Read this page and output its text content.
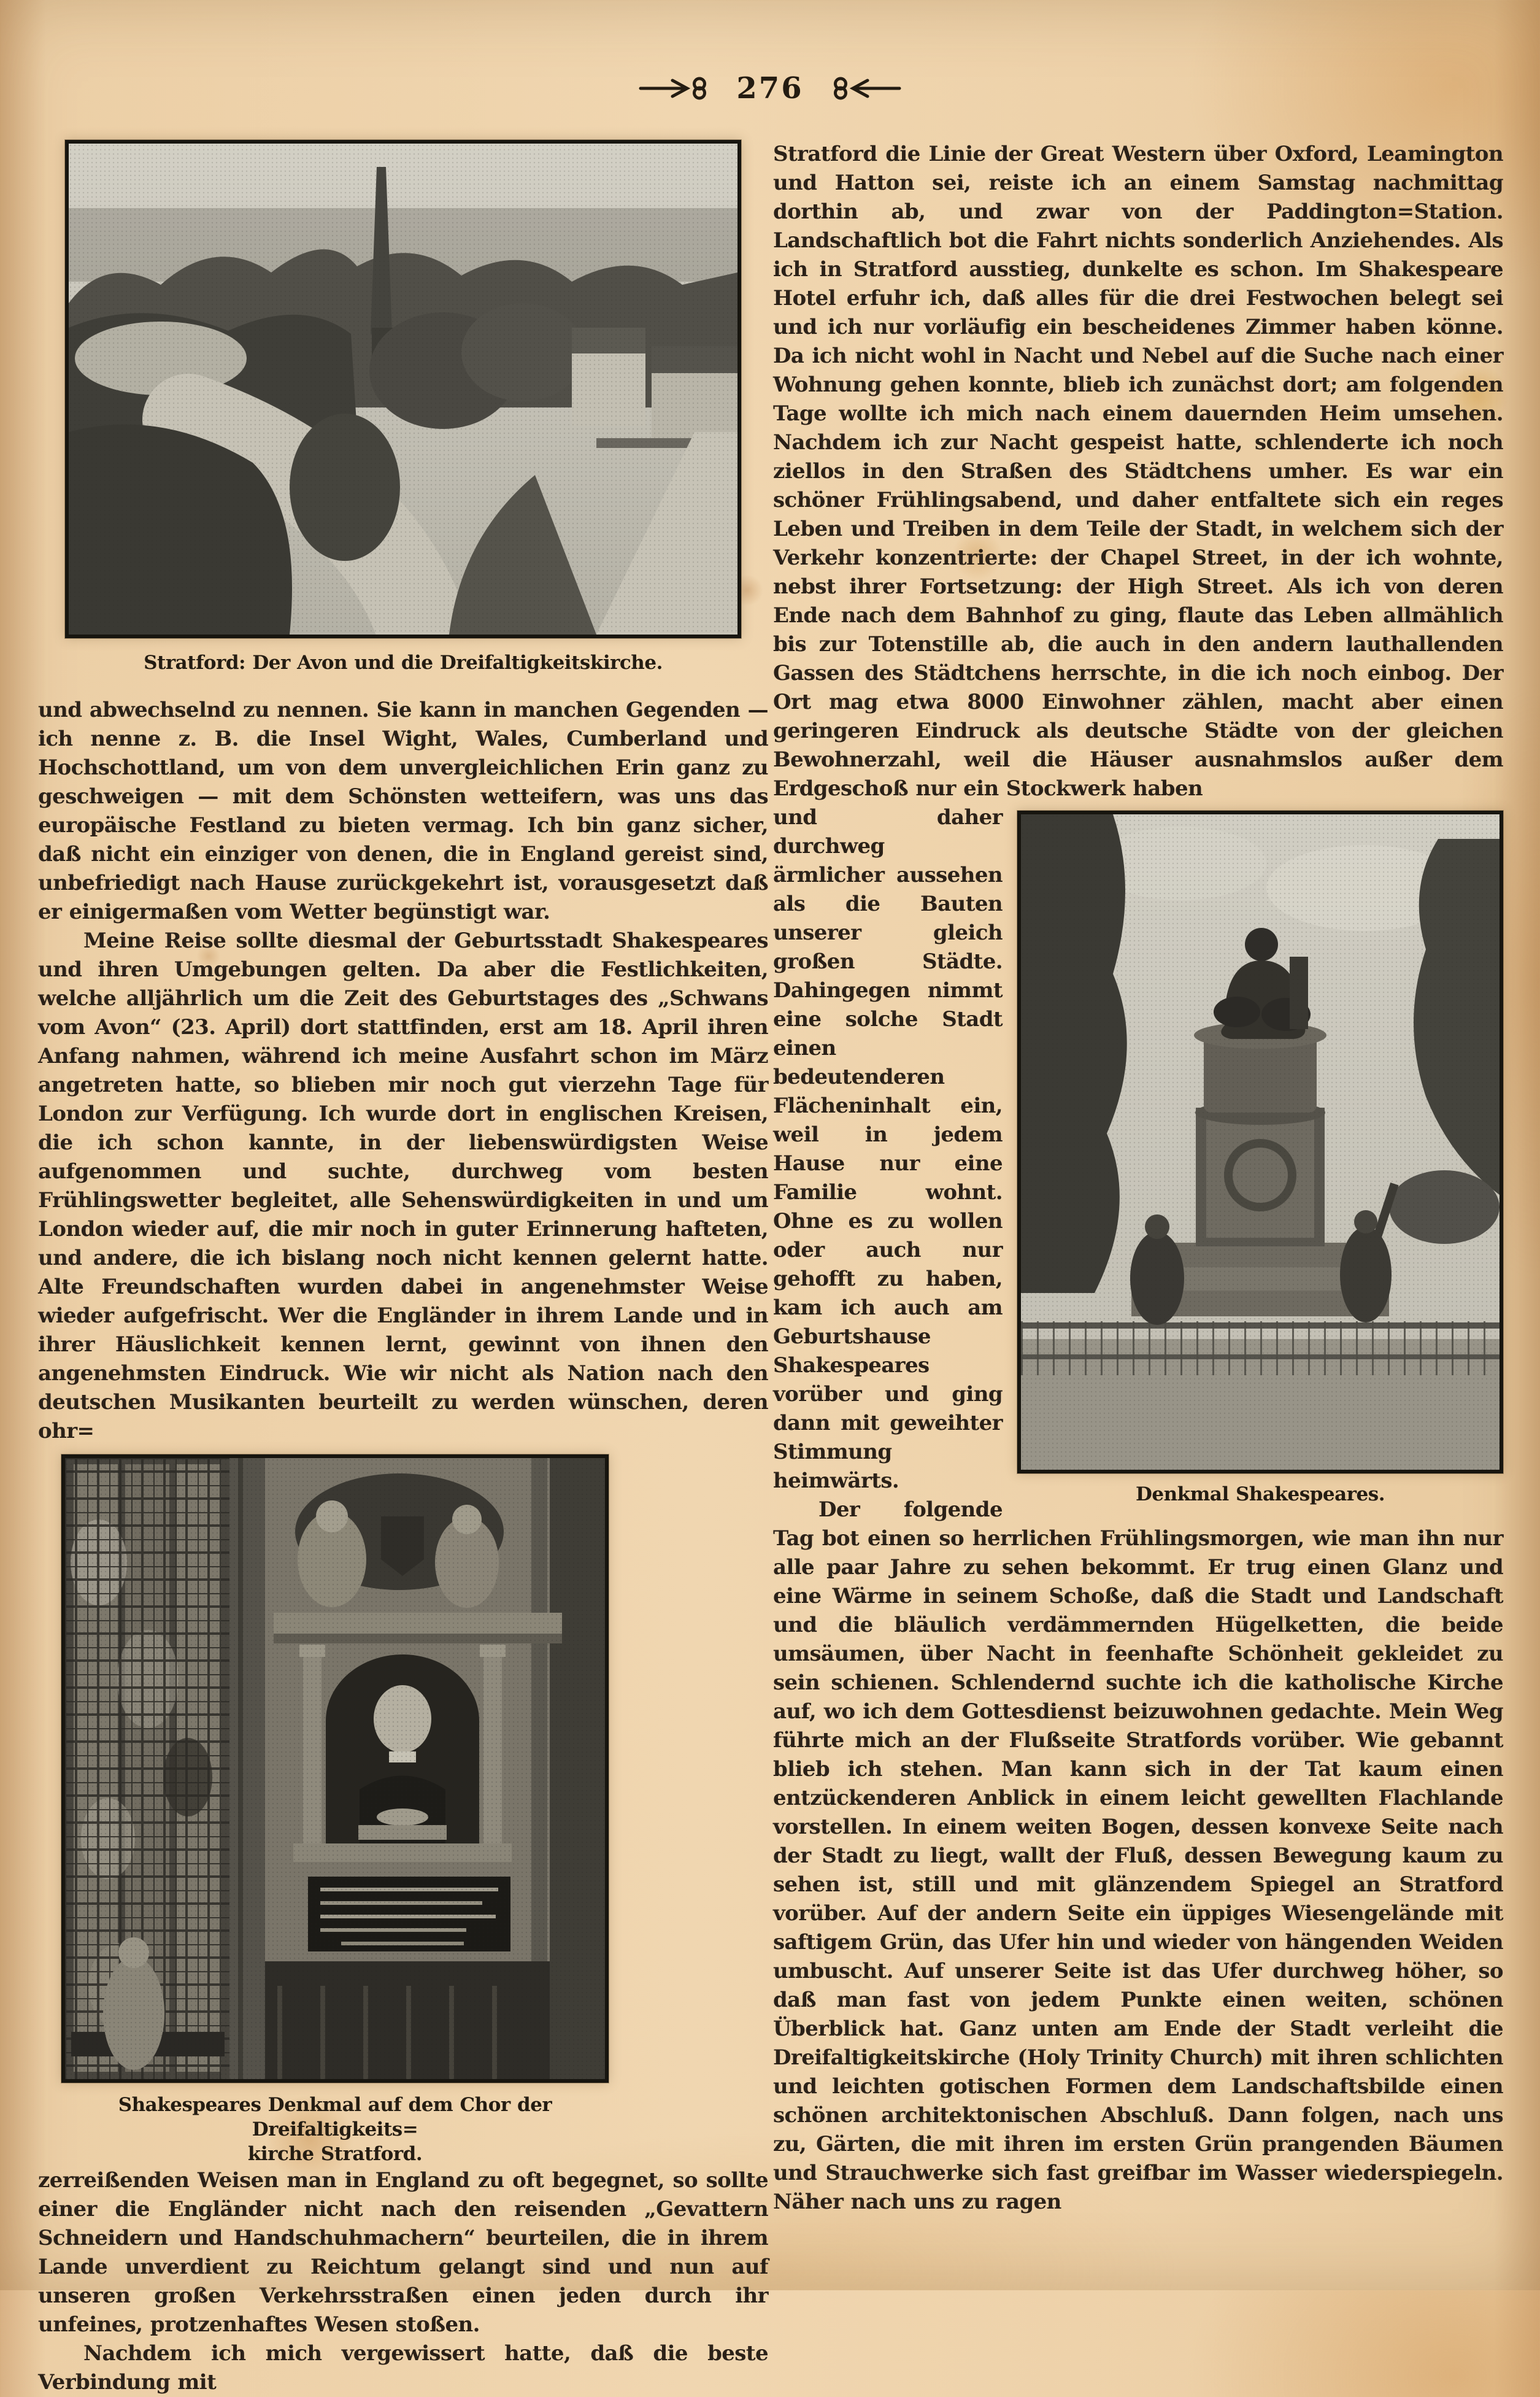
276
Stratford: Der Avon und die Dreifaltigkeitskirche.

und abwechselnd zu nennen. Sie kann in manchen Gegenden — ich nenne z. B. die Insel Wight, Wales, Cumberland und Hochschottland, um von dem unvergleichlichen Erin ganz zu geschweigen — mit dem Schönsten wetteifern, was uns das europäische Festland zu bieten vermag. Ich bin ganz sicher, daß nicht ein einziger von denen, die in England gereist sind, unbefriedigt nach Hause zurückgekehrt ist, vorausgesetzt daß er einigermaßen vom Wetter begünstigt war.

Meine Reise sollte diesmal der Geburtsstadt Shakespeares und ihren Umgebungen gelten. Da aber die Festlichkeiten, welche alljährlich um die Zeit des Geburtstages des „Schwans vom Avon“ (23. April) dort stattfinden, erst am 18. April ihren Anfang nahmen, während ich meine Ausfahrt schon im März angetreten hatte, so blieben mir noch gut vierzehn Tage für London zur Verfügung. Ich wurde dort in englischen Kreisen, die ich schon kannte, in der liebenswürdigsten Weise aufgenommen und suchte, durchweg vom besten Frühlingswetter begleitet, alle Sehenswürdigkeiten in und um London wieder auf, die mir noch in guter Erinnerung hafteten, und andere, die ich bislang noch nicht kennen gelernt hatte. Alte Freundschaften wurden dabei in angenehmster Weise wieder aufgefrischt. Wer die Engländer in ihrem Lande und in ihrer Häuslichkeit kennen lernt, gewinnt von ihnen den angenehmsten Eindruck. Wie wir nicht als Nation nach den deutschen Musikanten beurteilt zu werden wünschen, deren ohr=

Shakespeares Denkmal auf dem Chor der Dreifaltigkeits=
kirche Stratford.

zerreißenden Weisen man in England zu oft begegnet, so sollte einer die Engländer nicht nach den reisenden „Gevattern Schneidern und Handschuhmachern“ beurteilen, die in ihrem Lande unverdient zu Reichtum gelangt sind und nun auf unseren großen Verkehrsstraßen einen jeden durch ihr unfeines, protzenhaftes Wesen stoßen.

Nachdem ich mich vergewissert hatte, daß die beste Verbindung mit

Stratford die Linie der Great Western über Oxford, Leamington und Hatton sei, reiste ich an einem Samstag nachmittag dorthin ab, und zwar von der Paddington=Station. Landschaftlich bot die Fahrt nichts sonderlich Anziehendes. Als ich in Stratford ausstieg, dunkelte es schon. Im Shakespeare Hotel erfuhr ich, daß alles für die drei Festwochen belegt sei und ich nur vorläufig ein bescheidenes Zimmer haben könne. Da ich nicht wohl in Nacht und Nebel auf die Suche nach einer Wohnung gehen konnte, blieb ich zunächst dort; am folgenden Tage wollte ich mich nach einem dauernden Heim umsehen. Nachdem ich zur Nacht gespeist hatte, schlenderte ich noch ziellos in den Straßen des Städtchens umher. Es war ein schöner Frühlingsabend, und daher entfaltete sich ein reges Leben und Treiben in dem Teile der Stadt, in welchem sich der Verkehr konzentrierte: der Chapel Street, in der ich wohnte, nebst ihrer Fortsetzung: der High Street. Als ich von deren Ende nach dem Bahnhof zu ging, flaute das Leben allmählich bis zur Totenstille ab, die auch in den andern lauthallenden Gassen des Städtchens herrschte, in die ich noch einbog. Der Ort mag etwa 8000 Einwohner zählen, macht aber einen geringeren Eindruck als deutsche Städte von der gleichen Bewohnerzahl, weil die Häuser ausnahmslos außer dem Erdgeschoß nur ein Stockwerk haben

Denkmal Shakespeares.

und daher durchweg ärmlicher aussehen als die Bauten unserer gleich großen Städte. Dahingegen nimmt eine solche Stadt einen bedeutenderen Flächeninhalt ein, weil in jedem Hause nur eine Familie wohnt. Ohne es zu wollen oder auch nur gehofft zu haben, kam ich auch am Geburtshause Shakespeares vorüber und ging dann mit geweihter Stimmung heimwärts.

Der folgende Tag bot einen so herrlichen Frühlingsmorgen, wie man ihn nur alle paar Jahre zu sehen bekommt. Er trug einen Glanz und eine Wärme in seinem Schoße, daß die Stadt und Landschaft und die bläulich verdämmernden Hügelketten, die beide umsäumen, über Nacht in feenhafte Schönheit gekleidet zu sein schienen. Schlendernd suchte ich die katholische Kirche auf, wo ich dem Gottesdienst beizuwohnen gedachte. Mein Weg führte mich an der Flußseite Stratfords vorüber. Wie gebannt blieb ich stehen. Man kann sich in der Tat kaum einen entzückenderen Anblick in einem leicht gewellten Flachlande vorstellen. In einem weiten Bogen, dessen konvexe Seite nach der Stadt zu liegt, wallt der Fluß, dessen Bewegung kaum zu sehen ist, still und mit glänzendem Spiegel an Stratford vorüber. Auf der andern Seite ein üppiges Wiesengelände mit saftigem Grün, das Ufer hin und wieder von hängenden Weiden umbuscht. Auf unserer Seite ist das Ufer durchweg höher, so daß man fast von jedem Punkte einen weiten, schönen Überblick hat. Ganz unten am Ende der Stadt verleiht die Dreifaltigkeitskirche (Holy Trinity Church) mit ihren schlichten und leichten gotischen Formen dem Landschaftsbilde einen schönen architektonischen Abschluß. Dann folgen, nach uns zu, Gärten, die mit ihren im ersten Grün prangenden Bäumen und Strauchwerke sich fast greifbar im Wasser wiederspiegeln. Näher nach uns zu ragen
